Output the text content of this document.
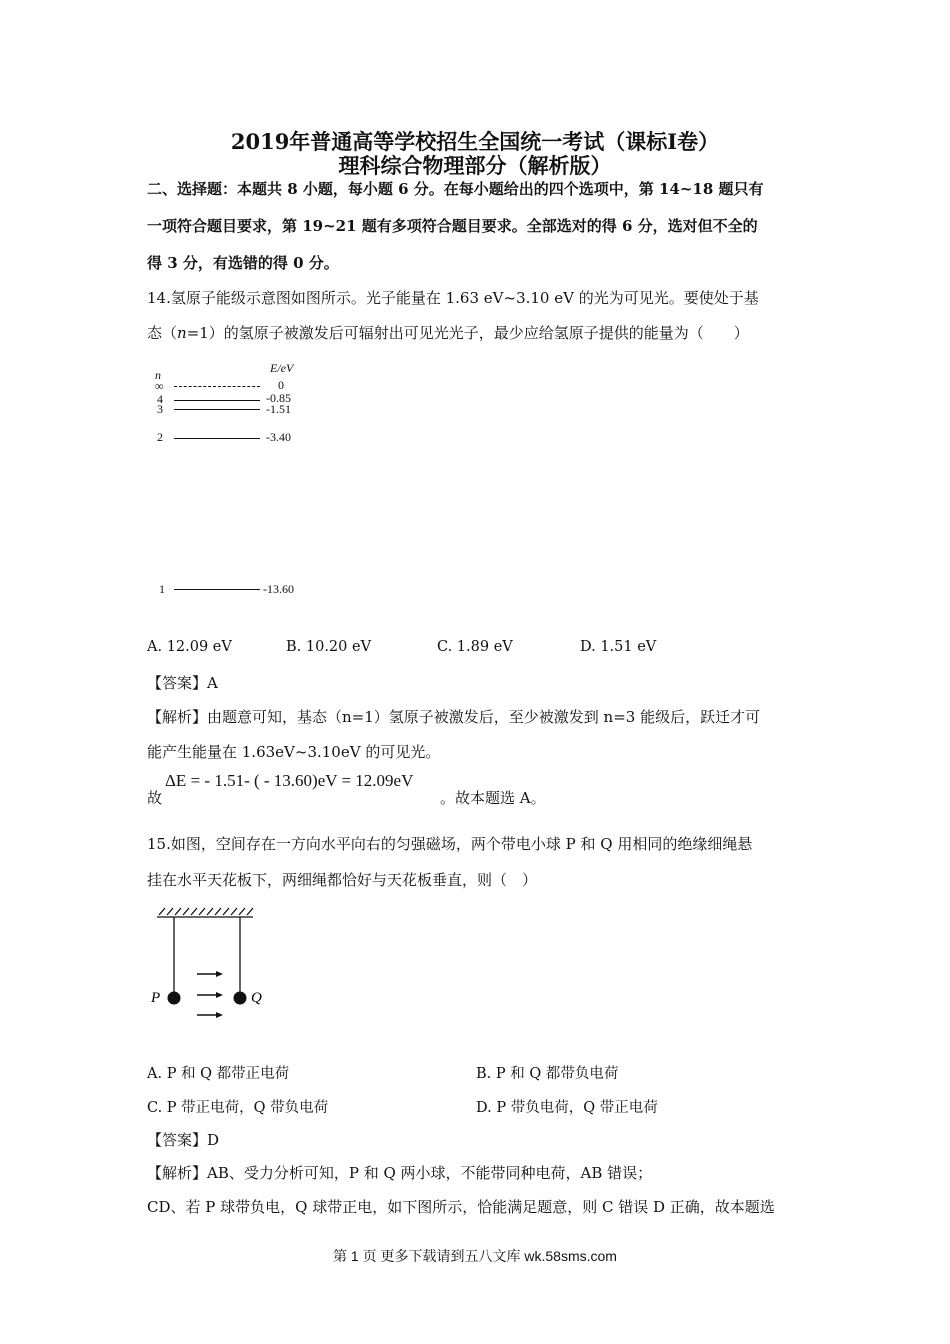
2019年普通高等学校招生全国统一考试（课标Ⅰ卷）
理科综合物理部分（解析版）
二、选择题：本题共 8 小题，每小题 6 分。在每小题给出的四个选项中，第 14~18 题只有
一项符合题目要求，第 19~21 题有多项符合题目要求。全部选对的得 6 分，选对但不全的
得 3 分，有选错的得 0 分。
14.氢原子能级示意图如图所示。光子能量在 1.63 eV~3.10 eV 的光为可见光。要使处于基
态（n=1）的氢原子被激发后可辐射出可见光光子，最少应给氢原子提供的能量为（　　）
n	E/eV
∞	0
4	-0.85
3	-1.51
2	-3.40
1	-13.60
A. 12.09 eV	B. 10.20 eV	C. 1.89 eV	D. 1.51 eV
【答案】A
【解析】由题意可知，基态（n=1）氢原子被激发后，至少被激发到 n=3 能级后，跃迁才可
能产生能量在 1.63eV~3.10eV 的可见光。
故
ΔE = - 1.51- ( - 13.60)eV = 12.09eV
。故本题选 A。
15.如图，空间存在一方向水平向右的匀强磁场，两个带电小球 P 和 Q 用相同的绝缘细绳悬
挂在水平天花板下，两细绳都恰好与天花板垂直，则（　）
P	Q
A. P 和 Q 都带正电荷	B. P 和 Q 都带负电荷
C. P 带正电荷，Q 带负电荷	D. P 带负电荷，Q 带正电荷
【答案】D
【解析】AB、受力分析可知，P 和 Q 两小球，不能带同种电荷，AB 错误；
CD、若 P 球带负电，Q 球带正电，如下图所示，恰能满足题意，则 C 错误 D 正确，故本题选
第 1 页 更多下载请到五八文库 wk.58sms.com
